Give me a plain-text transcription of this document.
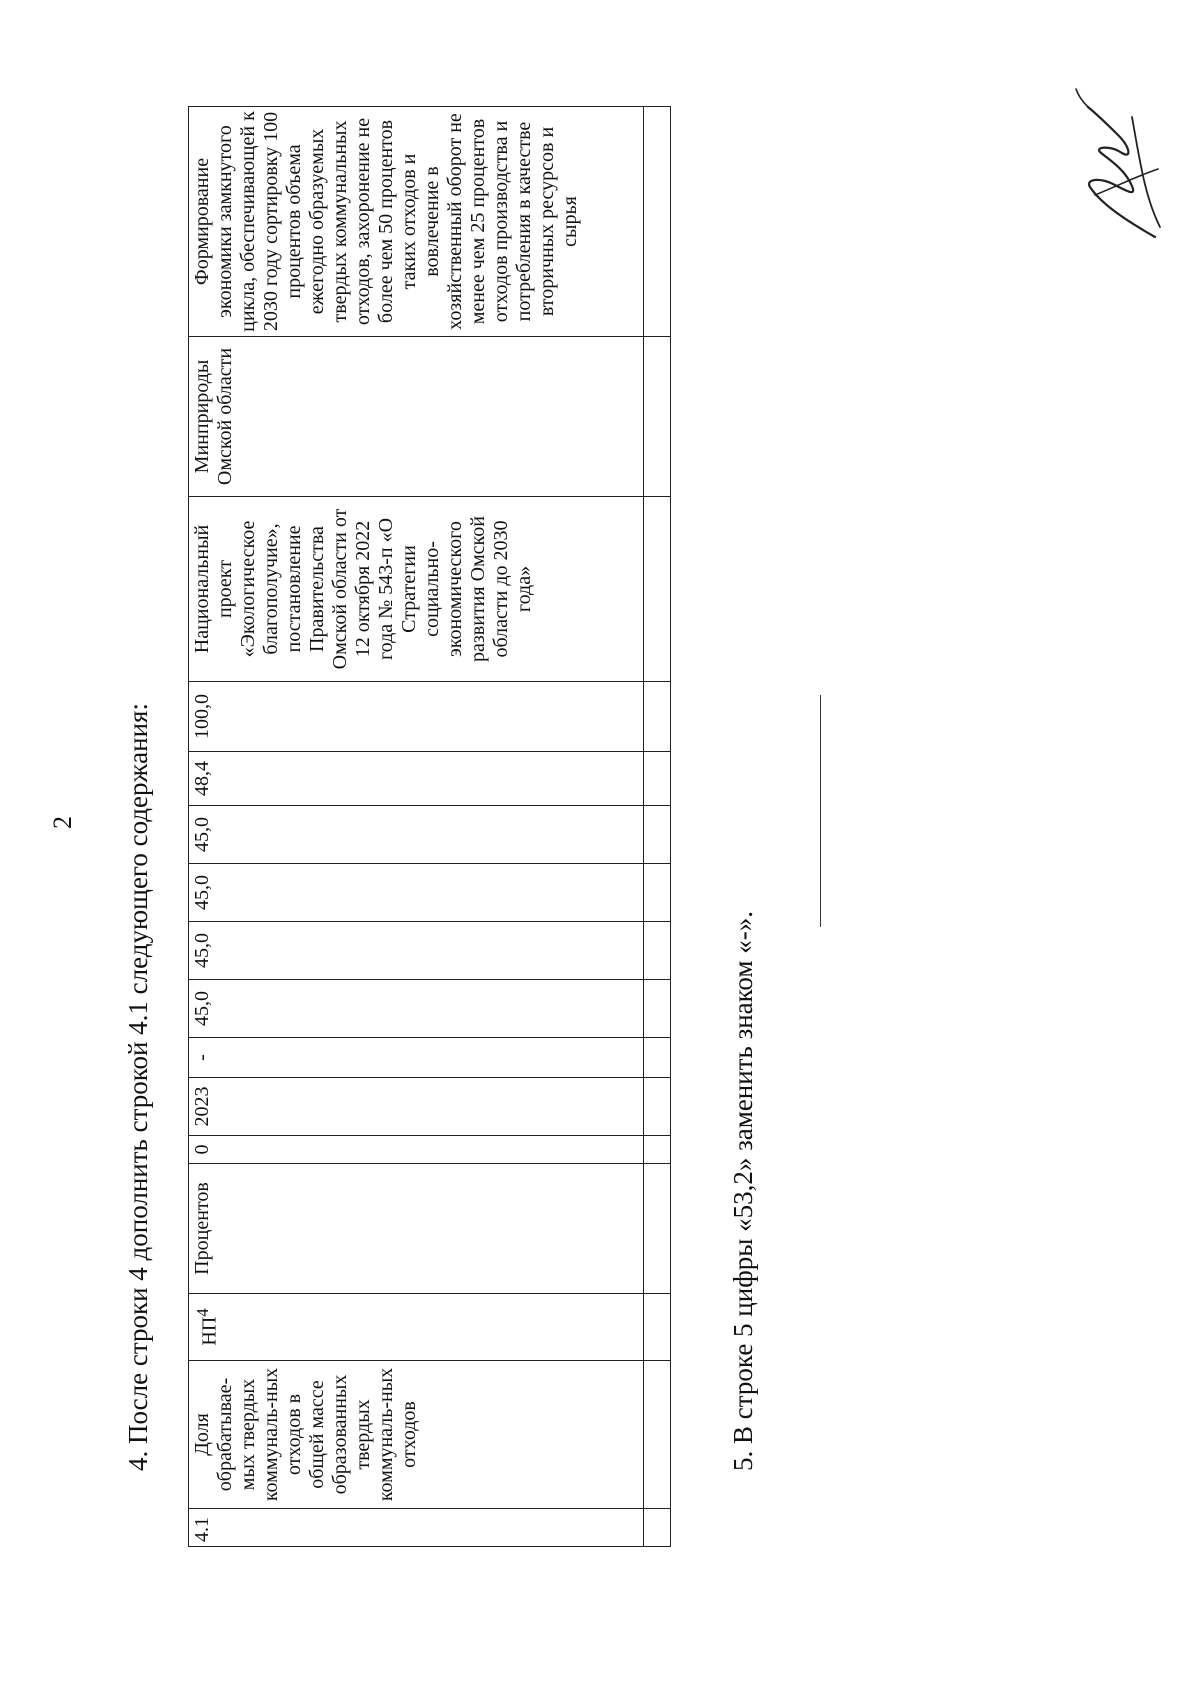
2 4. После строки 4 дополнить строкой 4.1 следующего содержания:
4.1	Доля обрабатывае-мых твердых коммуналь-ных отходов в общей массе образованных твердых коммуналь-ных отходов	$НП^4$	Процентов	0	2023	-	45,0	45,0	45,0	45,0	48,4	100,0	Национальный проект «Экологическое благополучие», постановление Правительства Омской области от 12 октября 2022 года № 543-п «О Стратегии социально-экономического развития Омской области до 2030 года»	Минприроды Омской области	Формирование экономики замкнутого цикла, обеспечивающей к 2030 году сортировку 100 процентов объема ежегодно образуемых твердых коммунальных отходов, захоронение не более чем 50 процентов таких отходов и вовлечение в хозяйственный оборот не менее чем 25 процентов отходов производства и потребления в качестве вторичных ресурсов и сырья

5. В строке 5 цифры «53,2» заменить знаком «-».
